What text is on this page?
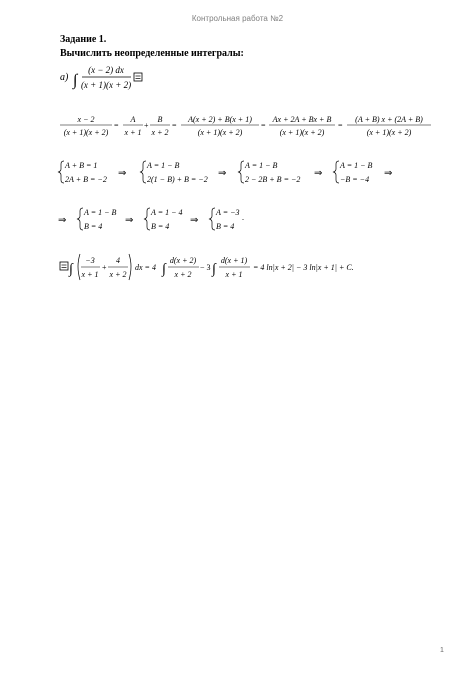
Контрольная работа №2
Задание 1.
Вычислить неопределенные интегралы:
а) ∫
(x − 2) dx
(x + 1)(x + 2)
x − 2
(x + 1)(x + 2)
=
A
x + 1
+
B
x + 2
=
A(x + 2) + B(x + 1)
(x + 1)(x + 2)
=
Ax + 2A + Bx + B
(x + 1)(x + 2)
=
(A + B) x + (2A + B)
(x + 1)(x + 2)
A + B = 1
2A + B = −2
⇒
A = 1 − B
2(1 − B) + B = −2
⇒
A = 1 − B
2 − 2B + B = −2
⇒
A = 1 − B
−B = −4
⇒
⇒
A = 1 − B
B = 4
⇒
A = 1 − 4
B = 4
⇒
A = −3
B = 4
.
∫
−3
x + 1
+
4
x + 2
dx = 4 ∫
d(x + 2)
x + 2
− 3 ∫
d(x + 1)
x + 1
= 4 ln|x + 2| − 3 ln|x + 1| + C.
1
